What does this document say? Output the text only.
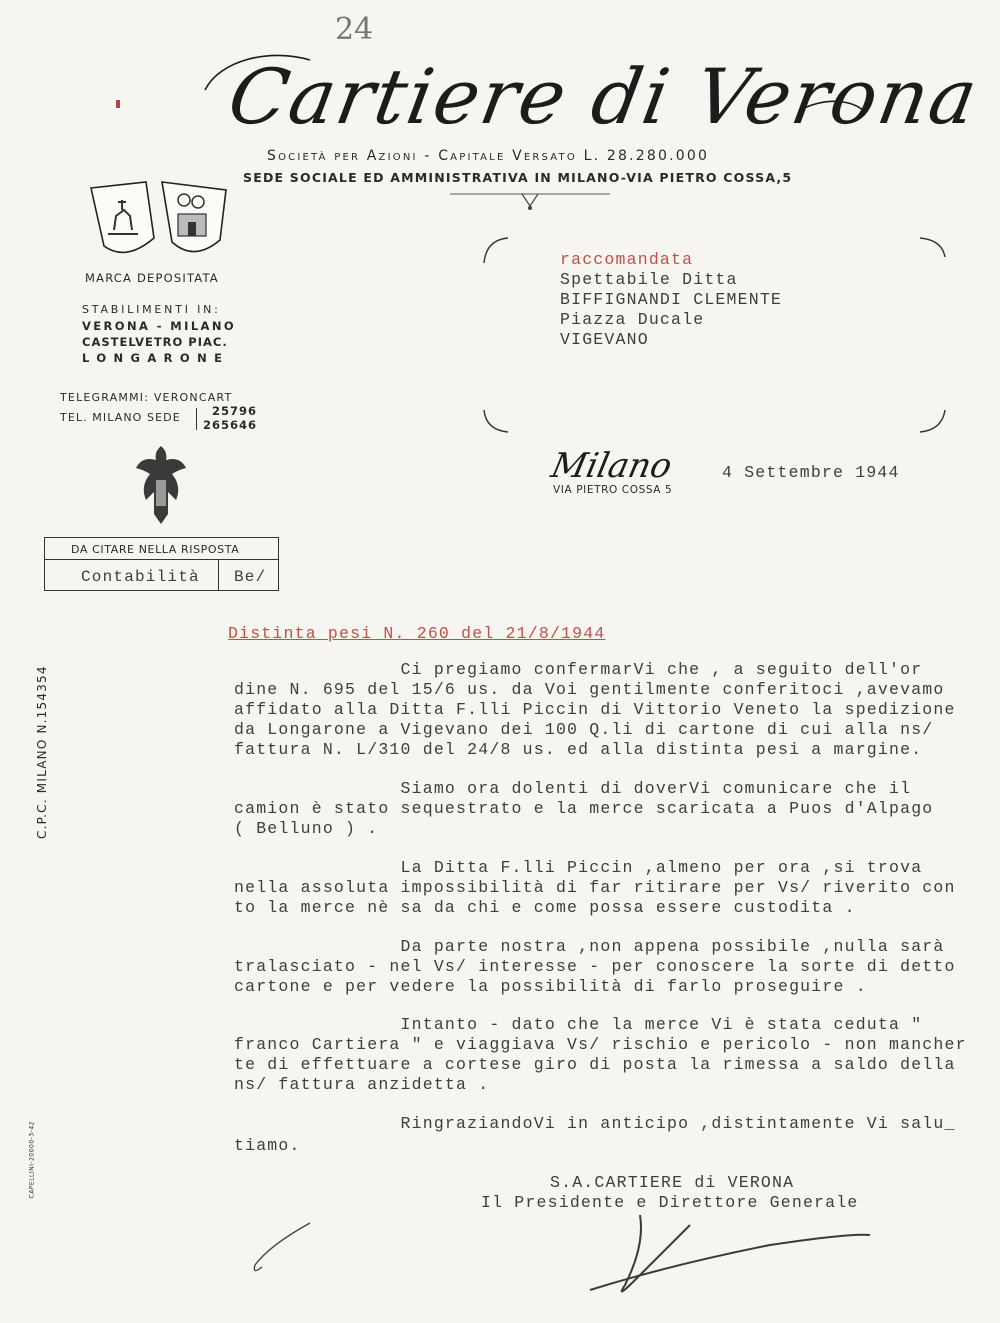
24
Cartiere di Verona
Società per Azioni - Capitale Versato L. 28.280.000
SEDE SOCIALE ED AMMINISTRATIVA IN MILANO-VIA PIETRO COSSA,5
MARCA DEPOSITATA
STABILIMENTI IN:
VERONA - MILANO
CASTELVETRO PIAC.
LONGARONE
TELEGRAMMI: VERONCART
TEL. MILANO SEDE	25796
265646
DA CITARE NELLA RISPOSTA
Contabilità Be/
C.P.C. MILANO N.154354
CAPELLINI-20000-3-42
raccomandata
Spettabile Ditta
BIFFIGNANDI CLEMENTE
Piazza Ducale
VIGEVANO
Milano
VIA PIETRO COSSA 5
4 Settembre 1944
Distinta pesi N. 260 del 21/8/1944
Ci pregiamo confermarVi che , a seguito dell'or
dine N. 695 del 15/6 us. da Voi gentilmente conferitoci ,avevamo
affidato alla Ditta F.lli Piccin di Vittorio Veneto la spedizione
da Longarone a Vigevano dei 100 Q.li di cartone di cui alla ns/
fattura N. L/310 del 24/8 us. ed alla distinta pesi a margine.
Siamo ora dolenti di doverVi comunicare che il
camion è stato sequestrato e la merce scaricata a Puos d'Alpago
( Belluno ) .
La Ditta F.lli Piccin ,almeno per ora ,si trova
nella assoluta impossibilità di far ritirare per Vs/ riverito con
to la merce nè sa da chi e come possa essere custodita .
Da parte nostra ,non appena possibile ,nulla sarà
tralasciato - nel Vs/ interesse - per conoscere la sorte di detto
cartone e per vedere la possibilità di farlo proseguire .
Intanto - dato che la merce Vi è stata ceduta "
franco Cartiera " e viaggiava Vs/ rischio e pericolo - non mancher
te di effettuare a cortese giro di posta la rimessa a saldo della
ns/ fattura anzidetta .
RingraziandoVi in anticipo ,distintamente Vi salu_
tiamo.
S.A.CARTIERE di VERONA
Il Presidente e Direttore Generale
